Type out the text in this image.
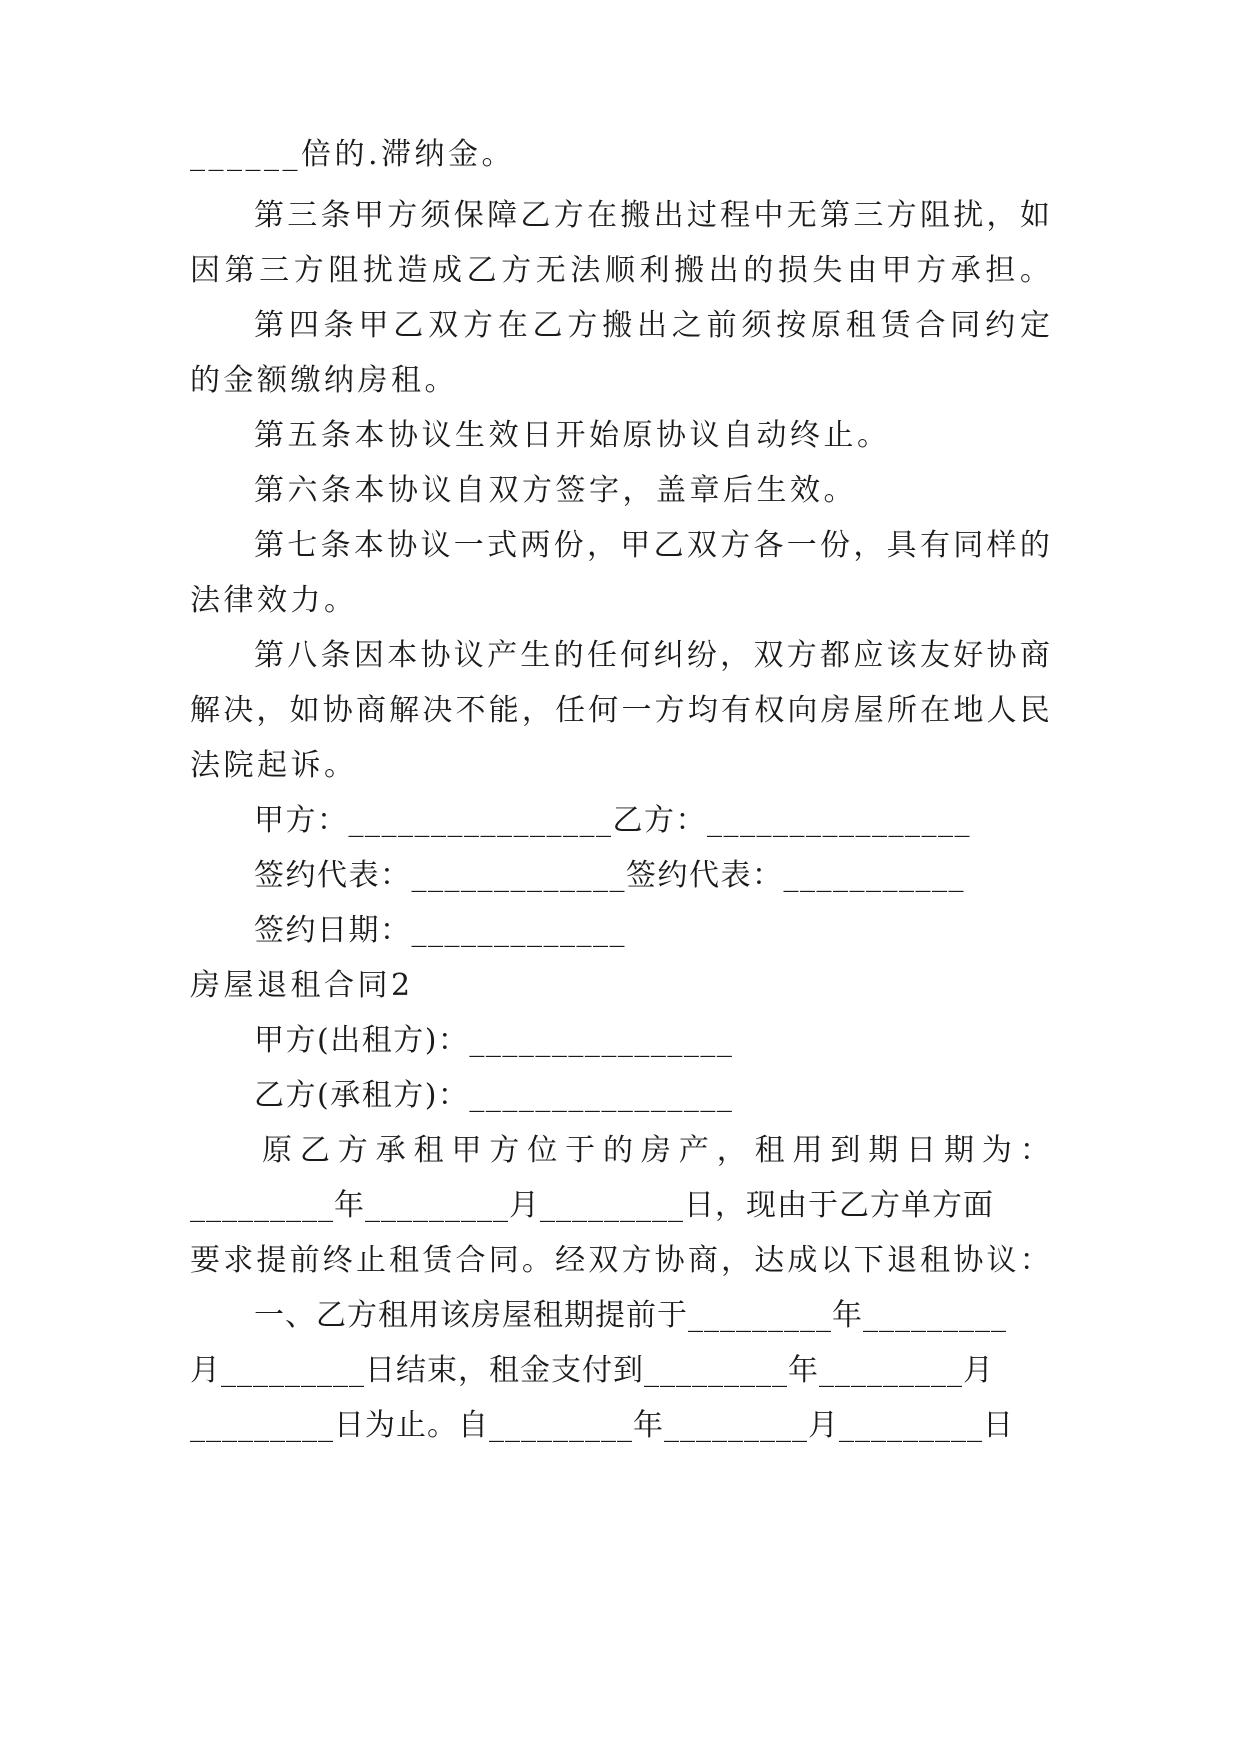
______倍的.滞纳金。
第 三 条 甲 方 须 保 障 乙 方 在 搬 出 过 程 中 无 第 三 方 阻 扰 ， 如
因 第 三 方 阻 扰 造 成 乙 方 无 法 顺 利 搬 出 的 损 失 由 甲 方 承 担 。
第 四 条 甲 乙 双 方 在 乙 方 搬 出 之 前 须 按 原 租 赁 合 同 约 定
的金额缴纳房租。
第五条本协议生效日开始原协议自动终止。
第六条本协议自双方签字，盖章后生效。
第 七 条 本 协 议 一 式 两 份 ， 甲 乙 双 方 各 一 份 ， 具 有 同 样 的
法律效力。
第 八 条 因 本 协 议 产 生 的 任 何 纠 纷 ， 双 方 都 应 该 友 好 协 商
解 决 ， 如 协 商 解 决 不 能 ， 任 何 一 方 均 有 权 向 房 屋 所 在 地 人 民
法院起诉。
甲方：________________乙方：________________
签约代表：_____________签约代表：___________
签约日期：_____________
房屋退租合同2
甲方(出租方)：________________
乙方(承租方)：________________
原 乙 方 承 租 甲 方 位 于 的 房 产 ， 租 用 到 期 日 期 为 ：
_________年_________月_________日，现由于乙方单方面
要 求 提 前 终 止 租 赁 合 同 。 经 双 方 协 商 ， 达 成 以 下 退 租 协 议 ：
一、乙方租用该房屋租期提前于_________年_________
月_________日结束，租金支付到_________年_________月
_________日为止。自_________年_________月_________日
